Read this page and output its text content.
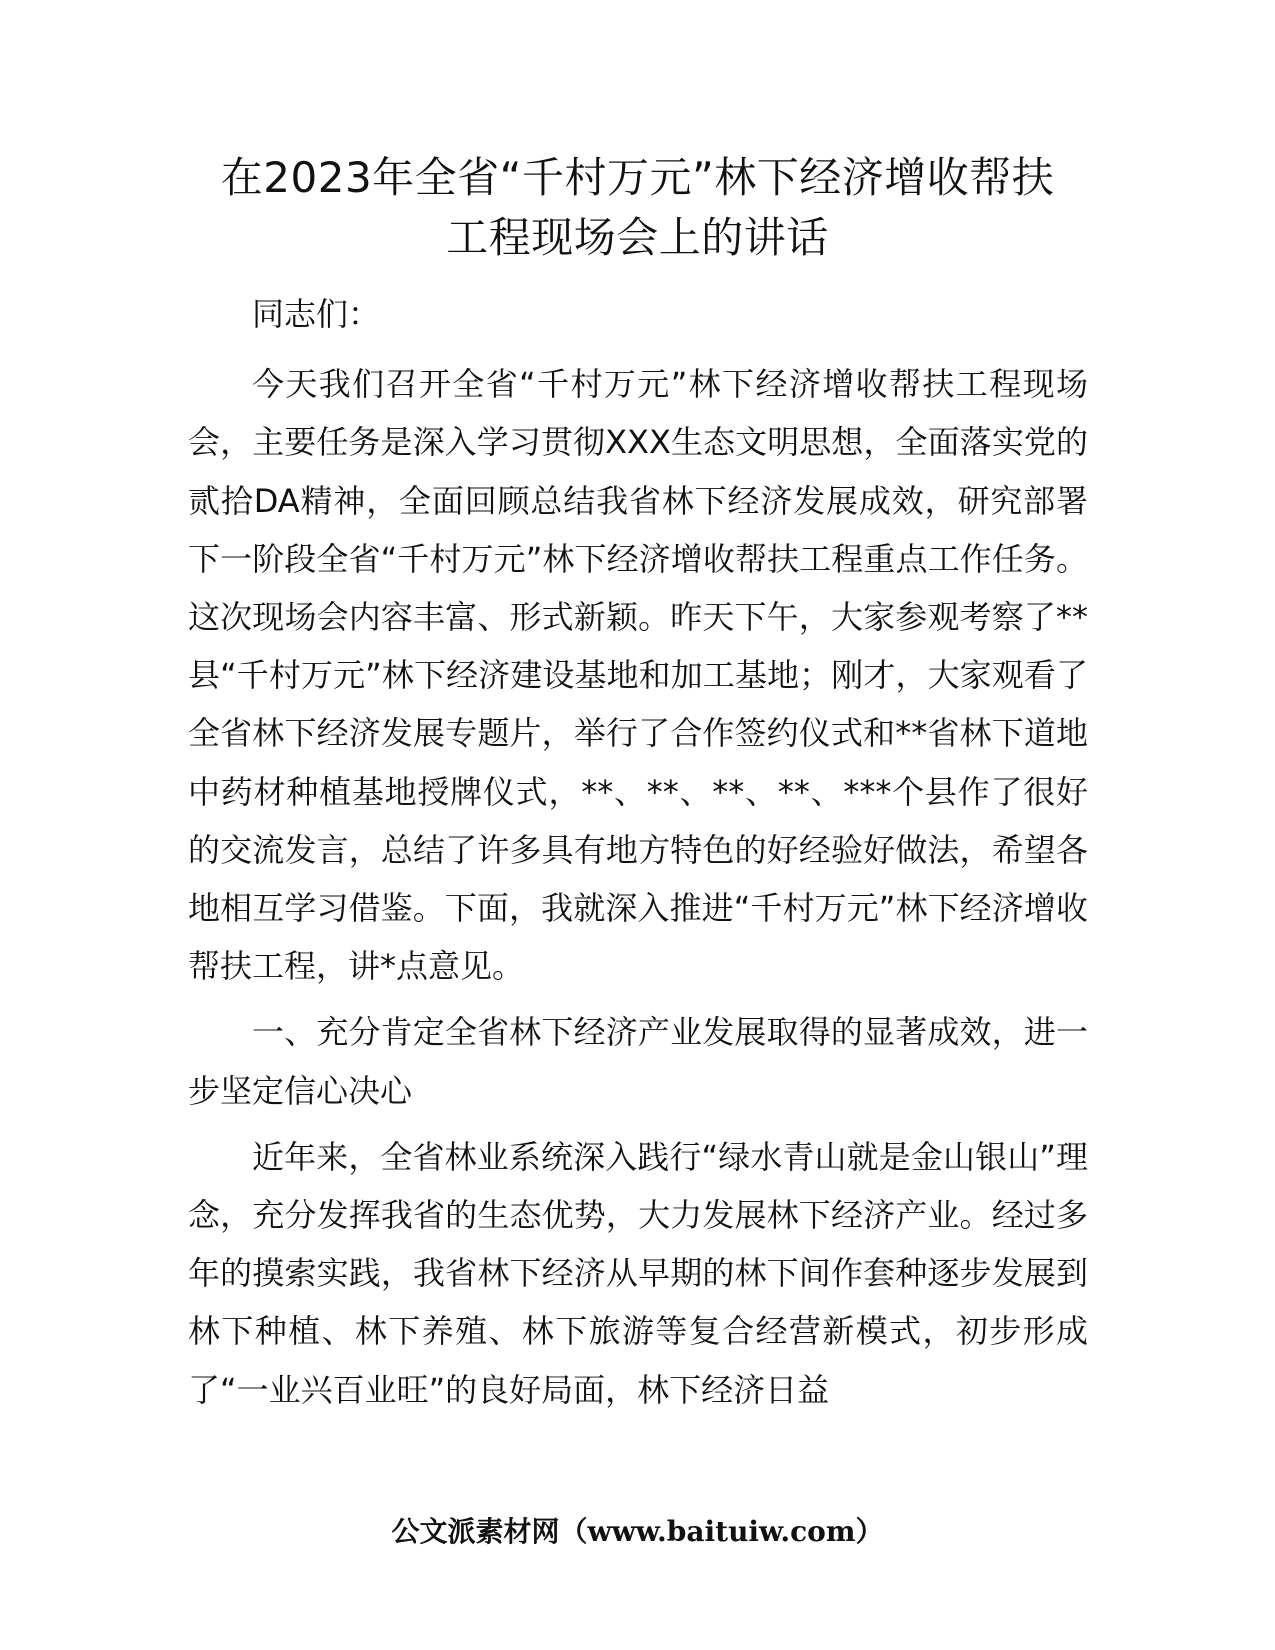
在2023年全省“千村万元”林下经济增收帮扶
工程现场会上的讲话

同志们：

今天我们召开全省“千村万元”林下经济增收帮扶工程现场会，主要任务是深入学习贯彻XXX生态文明思想，全面落实党的贰拾DA精神，全面回顾总结我省林下经济发展成效，研究部署下一阶段全省“千村万元”林下经济增收帮扶工程重点工作任务。这次现场会内容丰富、形式新颖。昨天下午，大家参观考察了**县“千村万元”林下经济建设基地和加工基地；刚才，大家观看了全省林下经济发展专题片，举行了合作签约仪式和**省林下道地中药材种植基地授牌仪式，**、**、**、**、***个县作了很好的交流发言，总结了许多具有地方特色的好经验好做法，希望各地相互学习借鉴。下面，我就深入推进“千村万元”林下经济增收帮扶工程，讲*点意见。

一、充分肯定全省林下经济产业发展取得的显著成效，进一步坚定信心决心

近年来，全省林业系统深入践行“绿水青山就是金山银山”理念，充分发挥我省的生态优势，大力发展林下经济产业。经过多年的摸索实践，我省林下经济从早期的林下间作套种逐步发展到林下种植、林下养殖、林下旅游等复合经营新模式，初步形成了“一业兴百业旺”的良好局面，林下经济日益

公文派素材网（www.baituiw.com）
